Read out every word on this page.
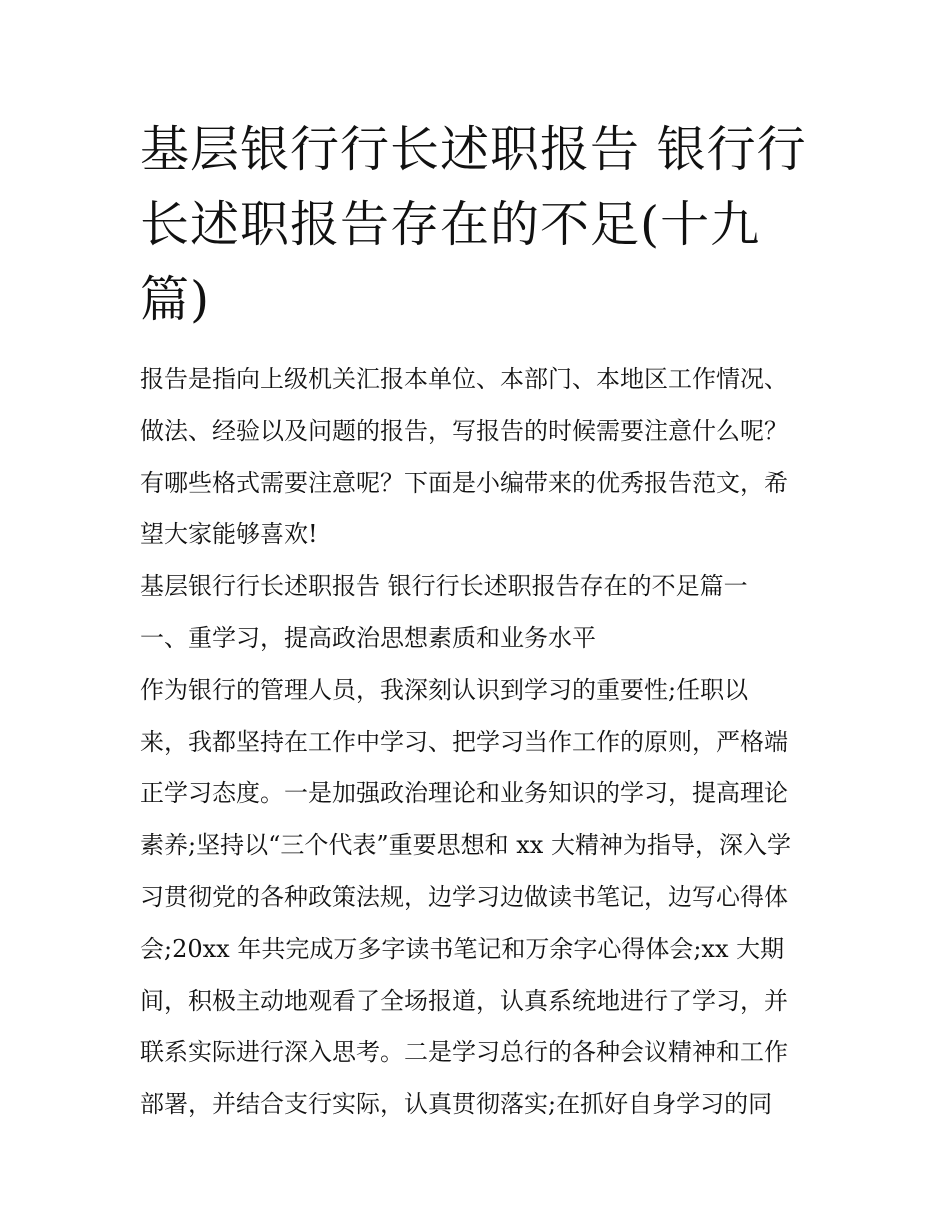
基层银行行长述职报告 银行行
长述职报告存在的不足(十九
篇)
报告是指向上级机关汇报本单位、本部门、本地区工作情况、
做法、经验以及问题的报告，写报告的时候需要注意什么呢？
有哪些格式需要注意呢？下面是小编带来的优秀报告范文，希
望大家能够喜欢!
基层银行行长述职报告 银行行长述职报告存在的不足篇一
一、重学习，提高政治思想素质和业务水平
作为银行的管理人员，我深刻认识到学习的重要性;任职以
来，我都坚持在工作中学习、把学习当作工作的原则，严格端
正学习态度。一是加强政治理论和业务知识的学习，提高理论
素养;坚持以“三个代表”重要思想和 xx 大精神为指导，深入学
习贯彻党的各种政策法规，边学习边做读书笔记，边写心得体
会;20xx 年共完成万多字读书笔记和万余字心得体会;xx 大期
间，积极主动地观看了全场报道，认真系统地进行了学习，并
联系实际进行深入思考。二是学习总行的各种会议精神和工作
部署，并结合支行实际，认真贯彻落实;在抓好自身学习的同
